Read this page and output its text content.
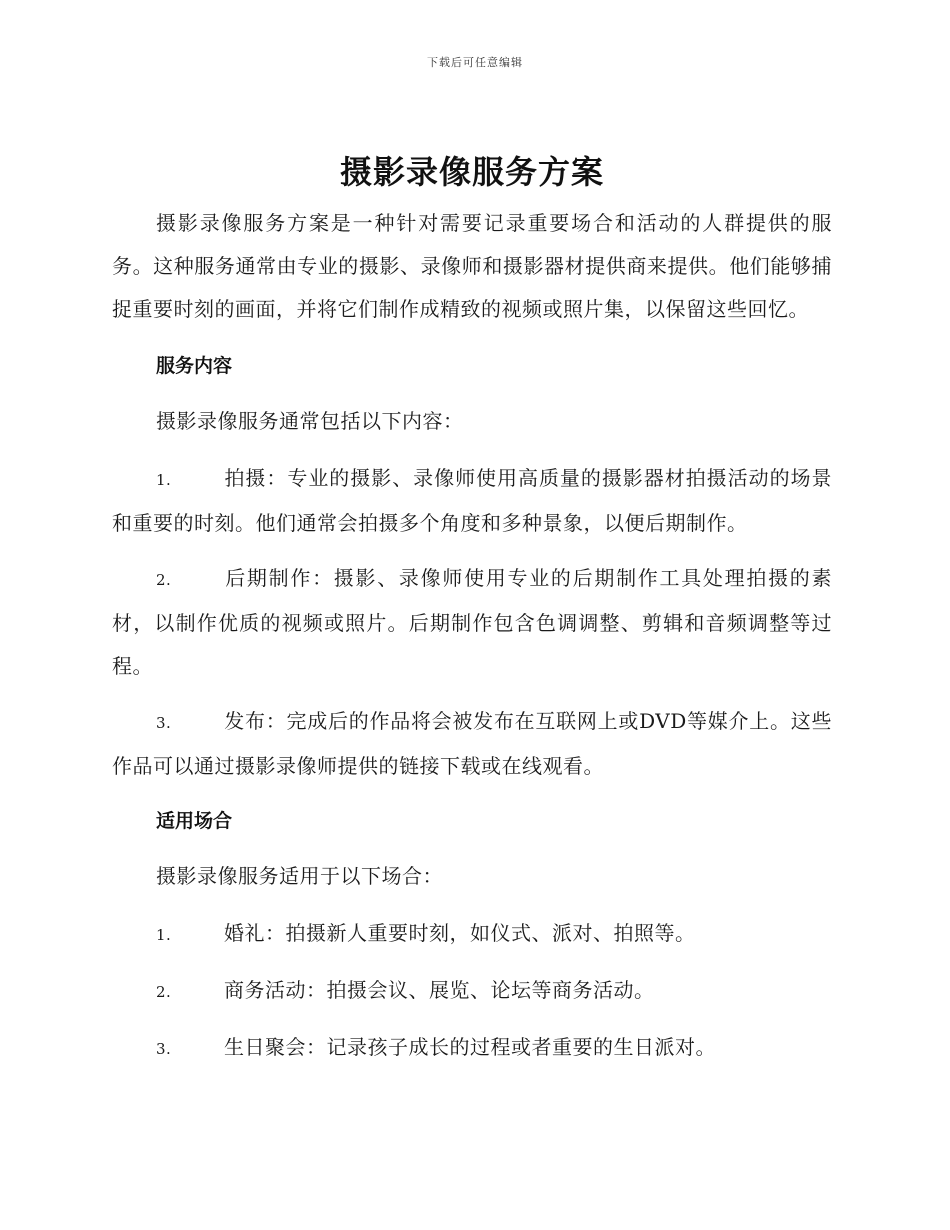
下载后可任意编辑
摄影录像服务方案

摄影录像服务方案是一种针对需要记录重要场合和活动的人群提供的服务。这种服务通常由专业的摄影、录像师和摄影器材提供商来提供。他们能够捕捉重要时刻的画面，并将它们制作成精致的视频或照片集，以保留这些回忆。

服务内容

摄影录像服务通常包括以下内容：

1.	拍摄：专业的摄影、录像师使用高质量的摄影器材拍摄活动的场景和重要的时刻。他们通常会拍摄多个角度和多种景象，以便后期制作。
2.	后期制作：摄影、录像师使用专业的后期制作工具处理拍摄的素材，以制作优质的视频或照片。后期制作包含色调调整、剪辑和音频调整等过程。
3.	发布：完成后的作品将会被发布在互联网上或DVD等媒介上。这些作品可以通过摄影录像师提供的链接下载或在线观看。
适用场合

摄影录像服务适用于以下场合：

1.	婚礼：拍摄新人重要时刻，如仪式、派对、拍照等。
2.	商务活动：拍摄会议、展览、论坛等商务活动。
3.	生日聚会：记录孩子成长的过程或者重要的生日派对。
